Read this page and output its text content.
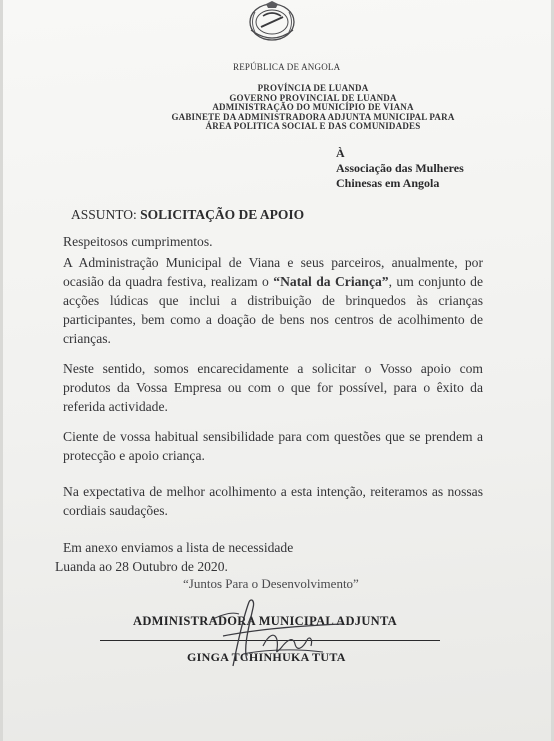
REPÚBLICA DE ANGOLA
PROVÍNCIA DE LUANDA
GOVERNO PROVINCIAL DE LUANDA
ADMINISTRAÇÃO DO MUNICÍPIO DE VIANA
GABINETE DA ADMINISTRADORA ADJUNTA MUNICIPAL PARA
ÁREA POLITICA SOCIAL E DAS COMUNIDADES
À
Associação das Mulheres
Chinesas em Angola
ASSUNTO: SOLICITAÇÃO DE APOIO
Respeitosos cumprimentos.
A Administração Municipal de Viana e seus parceiros, anualmente, por ocasião da quadra festiva, realizam o “Natal da Criança”, um conjunto de acções lúdicas que inclui a distribuição de brinquedos às crianças participantes, bem como a doação de bens nos centros de acolhimento de crianças.
Neste sentido, somos encarecidamente a solicitar o Vosso apoio com produtos da Vossa Empresa ou com o que for possível, para o êxito da referida actividade.
Ciente de vossa habitual sensibilidade para com questões que se prendem a protecção e apoio criança.
Na expectativa de melhor acolhimento a esta intenção, reiteramos as nossas cordiais saudações.
Em anexo enviamos a lista de necessidade
Luanda ao 28 Outubro de 2020.
“Juntos Para o Desenvolvimento”
ADMINISTRADORA MUNICIPAL ADJUNTA
GINGA TCHINHUKA TUTA
